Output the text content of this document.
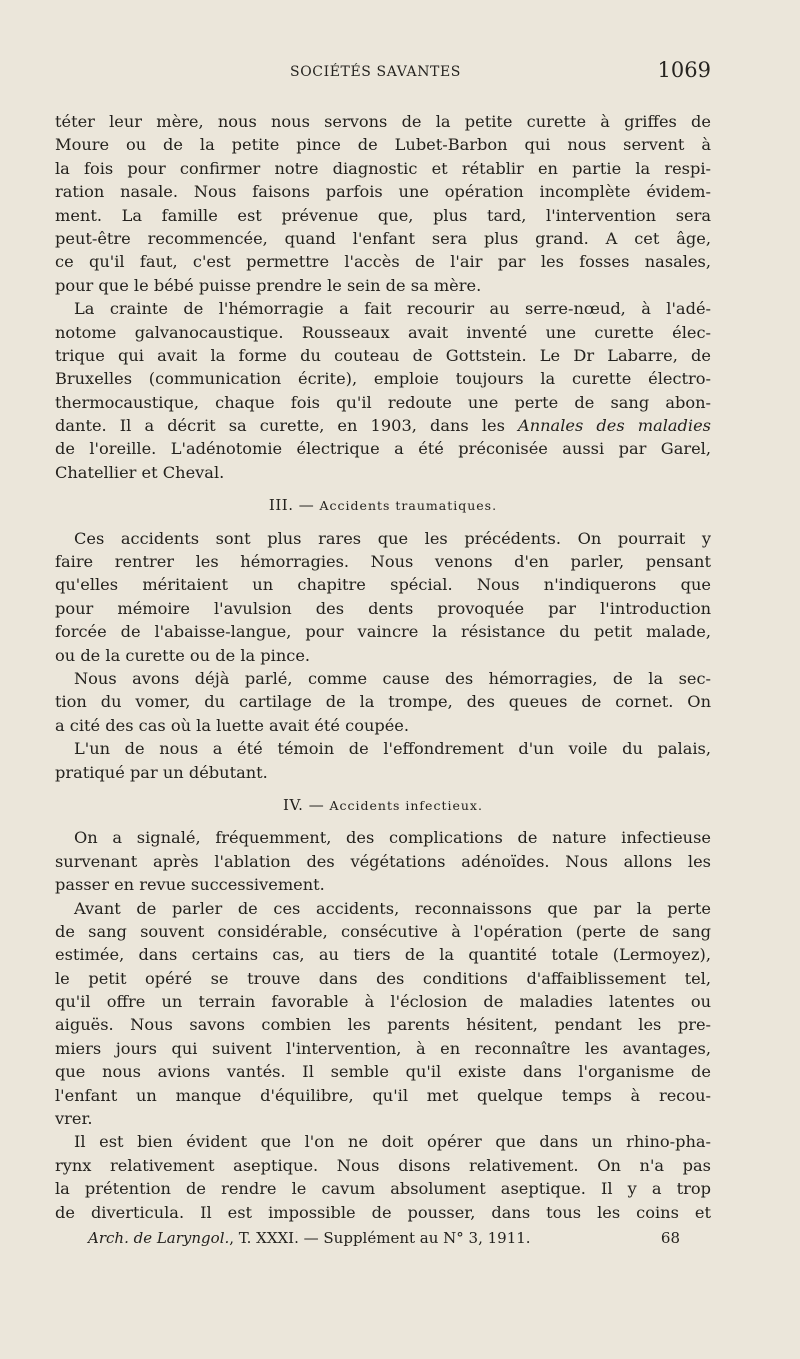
SOCIÉTÉS SAVANTES	1069
téter leur mère, nous nous servons de la petite curette à griffes de
Moure ou de la petite pince de Lubet-Barbon qui nous servent à
la fois pour confirmer notre diagnostic et rétablir en partie la respi-
ration nasale. Nous faisons parfois une opération incomplète évidem-
ment. La famille est prévenue que, plus tard, l'intervention sera
peut-être recommencée, quand l'enfant sera plus grand. A cet âge,
ce qu'il faut, c'est permettre l'accès de l'air par les fosses nasales,
pour que le bébé puisse prendre le sein de sa mère.
La crainte de l'hémorragie a fait recourir au serre-nœud, à l'adé-
notome galvanocaustique. Rousseaux avait inventé une curette élec-
trique qui avait la forme du couteau de Gottstein. Le Dr Labarre, de
Bruxelles (communication écrite), emploie toujours la curette électro-
thermocaustique, chaque fois qu'il redoute une perte de sang abon-
dante. Il a décrit sa curette, en 1903, dans les Annales des maladies
de l'oreille. L'adénotomie électrique a été préconisée aussi par Garel,
Chatellier et Cheval.
III. — Accidents traumatiques.
Ces accidents sont plus rares que les précédents. On pourrait y
faire rentrer les hémorragies. Nous venons d'en parler, pensant
qu'elles méritaient un chapitre spécial. Nous n'indiquerons que
pour mémoire l'avulsion des dents provoquée par l'introduction
forcée de l'abaisse-langue, pour vaincre la résistance du petit malade,
ou de la curette ou de la pince.
Nous avons déjà parlé, comme cause des hémorragies, de la sec-
tion du vomer, du cartilage de la trompe, des queues de cornet. On
a cité des cas où la luette avait été coupée.
L'un de nous a été témoin de l'effondrement d'un voile du palais,
pratiqué par un débutant.
IV. — Accidents infectieux.
On a signalé, fréquemment, des complications de nature infectieuse
survenant après l'ablation des végétations adénoïdes. Nous allons les
passer en revue successivement.
Avant de parler de ces accidents, reconnaissons que par la perte
de sang souvent considérable, consécutive à l'opération (perte de sang
estimée, dans certains cas, au tiers de la quantité totale (Lermoyez),
le petit opéré se trouve dans des conditions d'affaiblissement tel,
qu'il offre un terrain favorable à l'éclosion de maladies latentes ou
aiguës. Nous savons combien les parents hésitent, pendant les pre-
miers jours qui suivent l'intervention, à en reconnaître les avantages,
que nous avions vantés. Il semble qu'il existe dans l'organisme de
l'enfant un manque d'équilibre, qu'il met quelque temps à recou-
vrer.
Il est bien évident que l'on ne doit opérer que dans un rhino-pha-
rynx relativement aseptique. Nous disons relativement. On n'a pas
la prétention de rendre le cavum absolument aseptique. Il y a trop
de diverticula. Il est impossible de pousser, dans tous les coins et
Arch. de Laryngol., T. XXXI. — Supplément au N° 3, 1911.	68
